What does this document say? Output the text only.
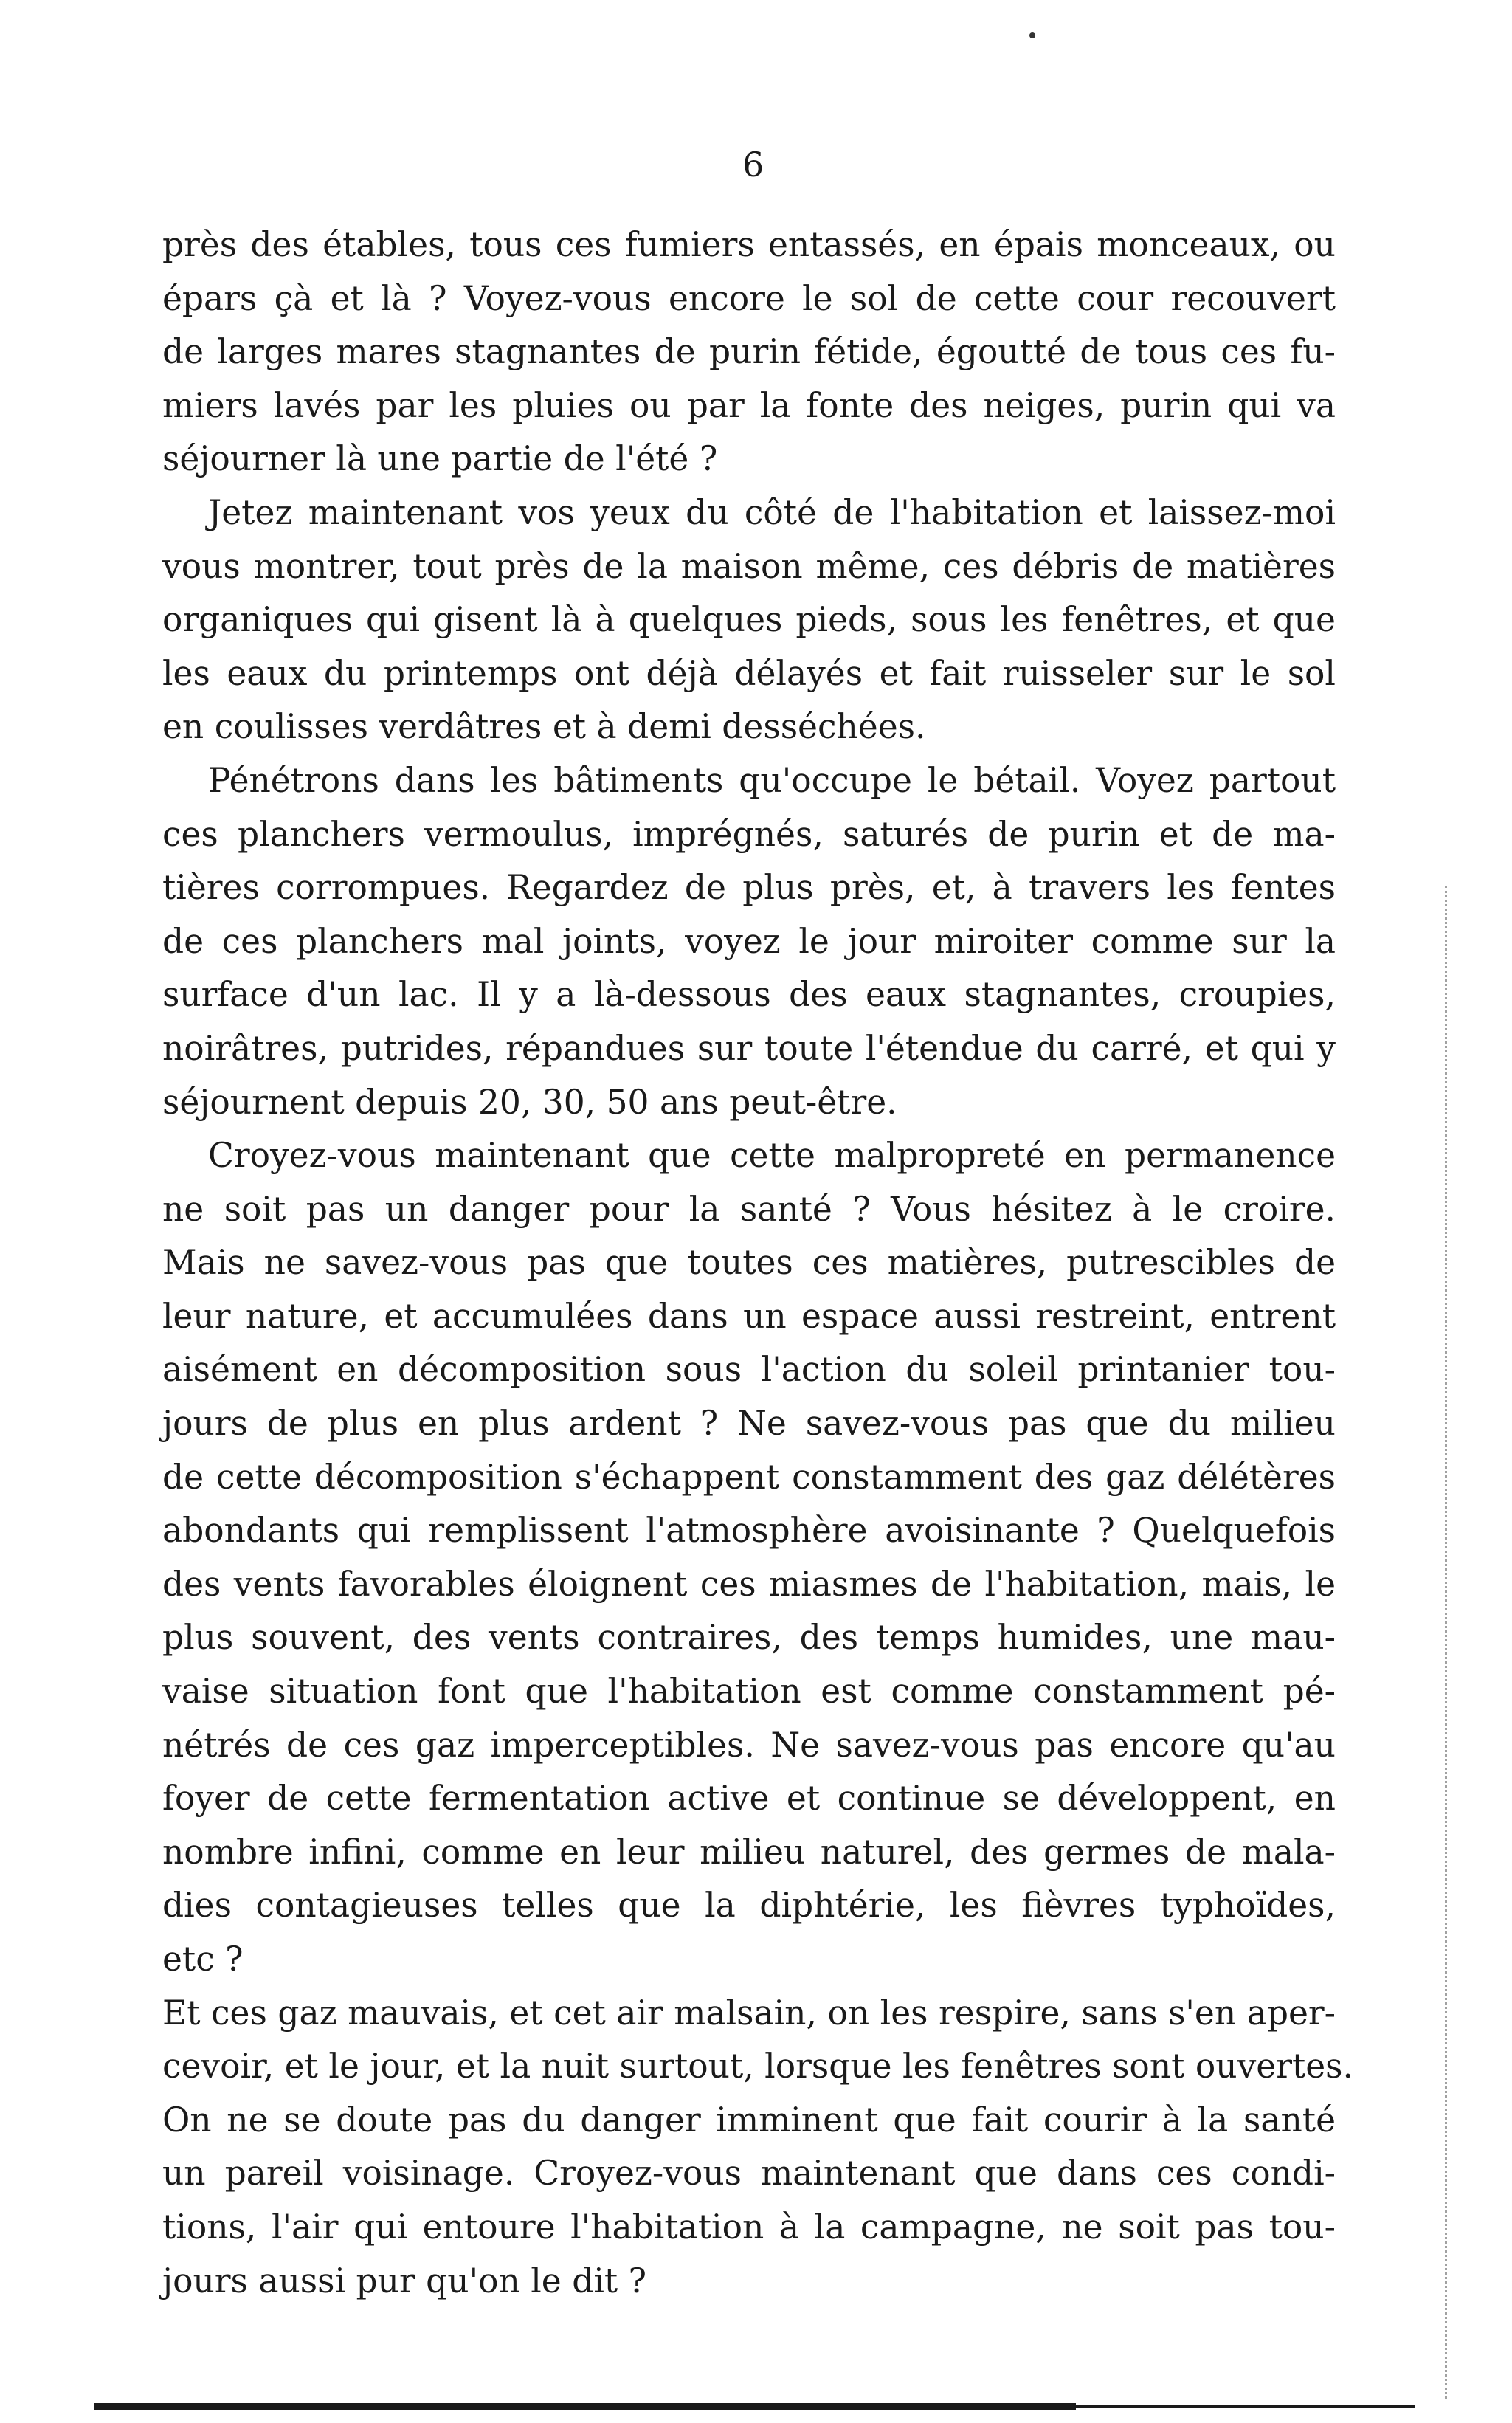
6
près des étables, tous ces fumiers entassés, en épais monceaux, ou
épars çà et là ? Voyez-vous encore le sol de cette cour recouvert
de larges mares stagnantes de purin fétide, égoutté de tous ces fu-
miers lavés par les pluies ou par la fonte des neiges, purin qui va
séjourner là une partie de l'été ?
Jetez maintenant vos yeux du côté de l'habitation et laissez-moi
vous montrer, tout près de la maison même, ces débris de matières
organiques qui gisent là à quelques pieds, sous les fenêtres, et que
les eaux du printemps ont déjà délayés et fait ruisseler sur le sol
en coulisses verdâtres et à demi desséchées.
Pénétrons dans les bâtiments qu'occupe le bétail. Voyez partout
ces planchers vermoulus, imprégnés, saturés de purin et de ma-
tières corrompues. Regardez de plus près, et, à travers les fentes
de ces planchers mal joints, voyez le jour miroiter comme sur la
surface d'un lac. Il y a là-dessous des eaux stagnantes, croupies,
noirâtres, putrides, répandues sur toute l'étendue du carré, et qui y
séjournent depuis 20, 30, 50 ans peut-être.
Croyez-vous maintenant que cette malpropreté en permanence
ne soit pas un danger pour la santé ? Vous hésitez à le croire.
Mais ne savez-vous pas que toutes ces matières, putrescibles de
leur nature, et accumulées dans un espace aussi restreint, entrent
aisément en décomposition sous l'action du soleil printanier tou-
jours de plus en plus ardent ? Ne savez-vous pas que du milieu
de cette décomposition s'échappent constamment des gaz délétères
abondants qui remplissent l'atmosphère avoisinante ? Quelquefois
des vents favorables éloignent ces miasmes de l'habitation, mais, le
plus souvent, des vents contraires, des temps humides, une mau-
vaise situation font que l'habitation est comme constamment pé-
nétrés de ces gaz imperceptibles. Ne savez-vous pas encore qu'au
foyer de cette fermentation active et continue se développent, en
nombre infini, comme en leur milieu naturel, des germes de mala-
dies contagieuses telles que la diphtérie, les fièvres typhoïdes,
etc ?
Et ces gaz mauvais, et cet air malsain, on les respire, sans s'en aper-
cevoir, et le jour, et la nuit surtout, lorsque les fenêtres sont ouvertes.
On ne se doute pas du danger imminent que fait courir à la santé
un pareil voisinage. Croyez-vous maintenant que dans ces condi-
tions, l'air qui entoure l'habitation à la campagne, ne soit pas tou-
jours aussi pur qu'on le dit ?
